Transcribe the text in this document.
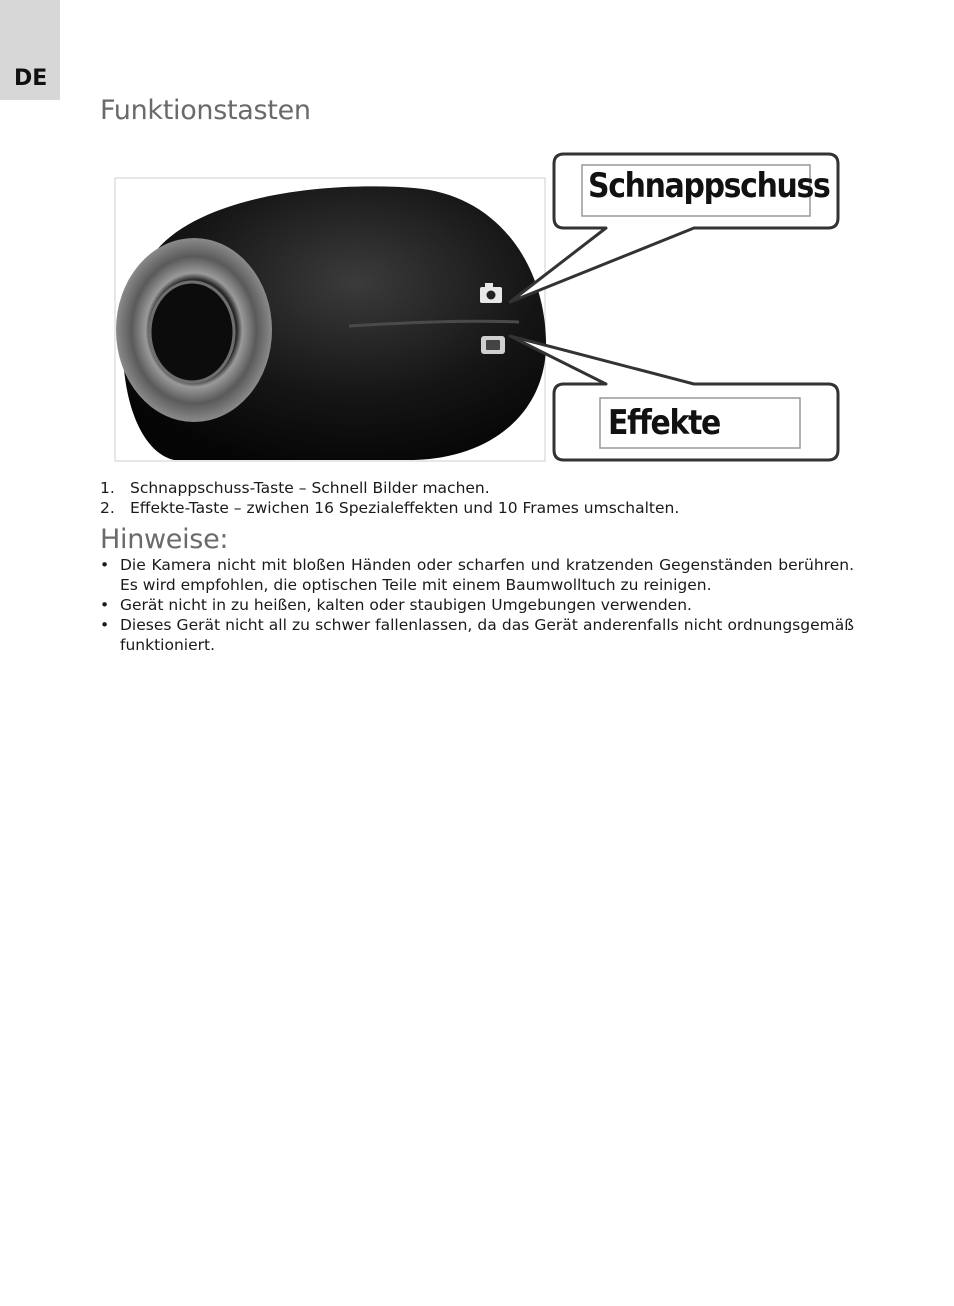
DE
Funktionstasten
Schnappschuss
Effekte
1. Schnappschuss-Taste – Schnell Bilder machen.
2. Effekte-Taste – zwichen 16 Spezialeffekten und 10 Frames umschalten.
Hinweise:
• Die Kamera nicht mit bloßen Händen oder scharfen und kratzenden Gegenständen berühren. Es wird empfohlen, die optischen Teile mit einem Baumwolltuch zu reinigen.
• Gerät nicht in zu heißen, kalten oder staubigen Umgebungen verwenden.
• Dieses Gerät nicht all zu schwer fallenlassen, da das Gerät anderenfalls nicht ordnungsgemäß funktioniert.
